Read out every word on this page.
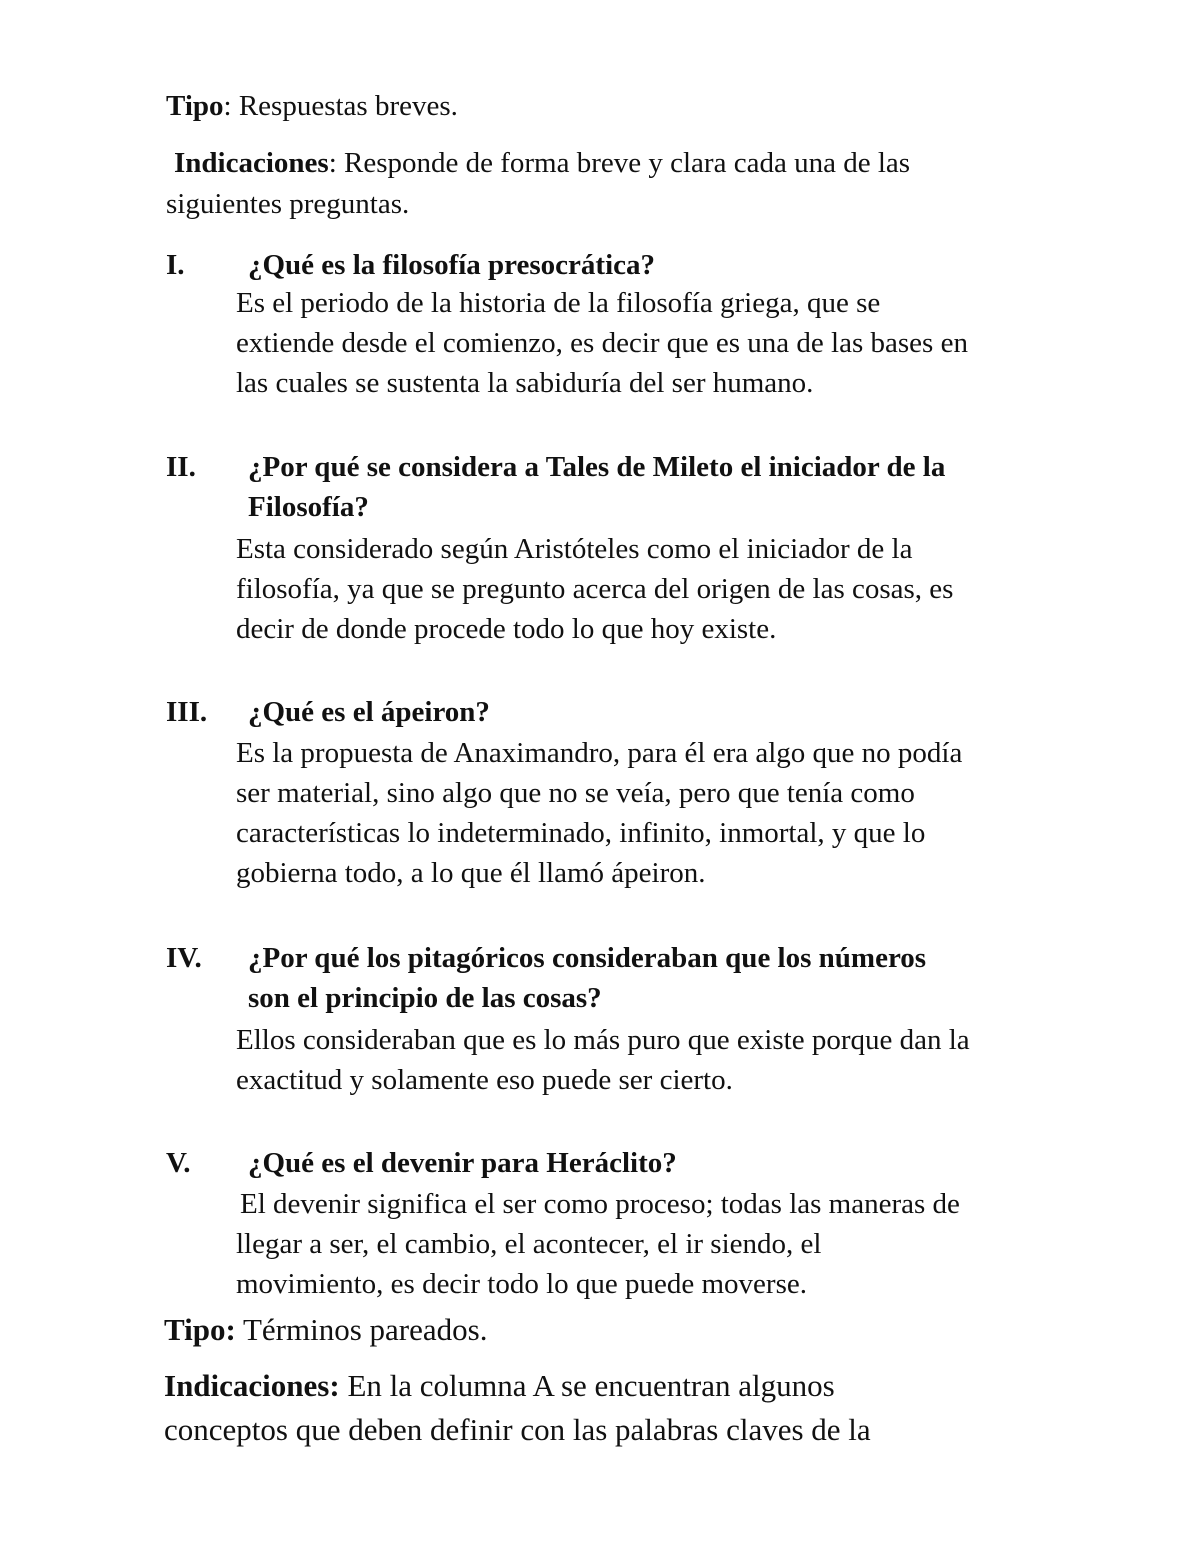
Tipo: Respuestas breves.
Indicaciones: Responde de forma breve y clara cada una de las
siguientes preguntas.
I. ¿Qué es la filosofía presocrática?
Es el periodo de la historia de la filosofía griega, que se
extiende desde el comienzo, es decir que es una de las bases en
las cuales se sustenta la sabiduría del ser humano.
II. ¿Por qué se considera a Tales de Mileto el iniciador de la
Filosofía?
Esta considerado según Aristóteles como el iniciador de la
filosofía, ya que se pregunto acerca del origen de las cosas, es
decir de donde procede todo lo que hoy existe.
III. ¿Qué es el ápeiron?
Es la propuesta de Anaximandro, para él era algo que no podía
ser material, sino algo que no se veía, pero que tenía como
características lo indeterminado, infinito, inmortal, y que lo
gobierna todo, a lo que él llamó ápeiron.
IV. ¿Por qué los pitagóricos consideraban que los números
son el principio de las cosas?
Ellos consideraban que es lo más puro que existe porque dan la
exactitud y solamente eso puede ser cierto.
V. ¿Qué es el devenir para Heráclito?
El devenir significa el ser como proceso; todas las maneras de
llegar a ser, el cambio, el acontecer, el ir siendo, el
movimiento, es decir todo lo que puede moverse.
Tipo: Términos pareados.
Indicaciones: En la columna A se encuentran algunos
conceptos que deben definir con las palabras claves de la
